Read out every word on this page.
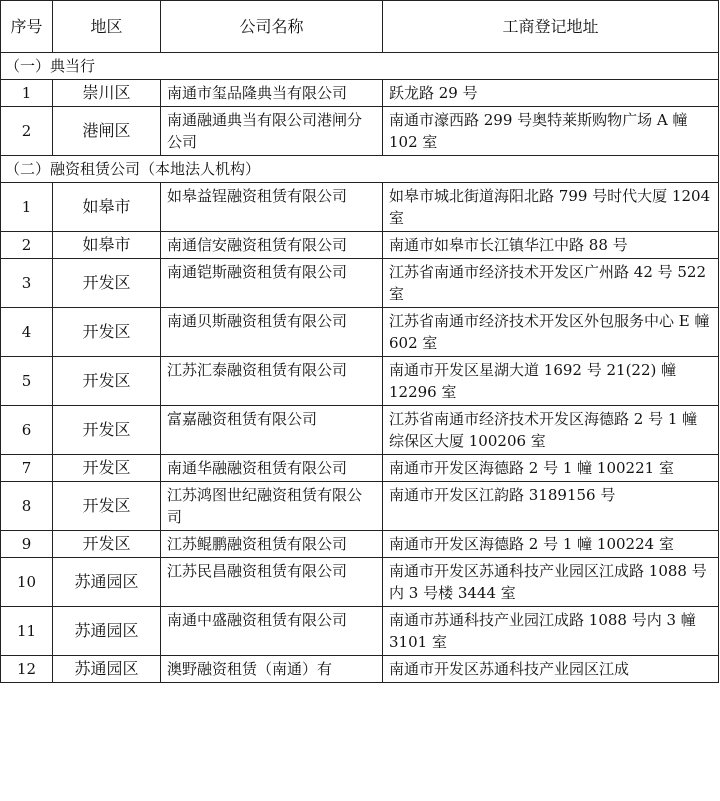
序号	地区	公司名称	工商登记地址
（一）典当行			
1	崇川区	南通市玺品隆典当有限公司	跃龙路 29 号
2	港闸区	南通融通典当有限公司港闸分公司	南通市濠西路 299 号奥特莱斯购物广场 A 幢 102 室
（二）融资租赁公司（本地法人机构）			
1	如皋市	如皋益锃融资租赁有限公司	如皋市城北街道海阳北路 799 号时代大厦 1204 室
2	如皋市	南通信安融资租赁有限公司	南通市如皋市长江镇华江中路 88 号
3	开发区	南通铠斯融资租赁有限公司	江苏省南通市经济技术开发区广州路 42 号 522 室
4	开发区	南通贝斯融资租赁有限公司	江苏省南通市经济技术开发区外包服务中心 E 幢 602 室
5	开发区	江苏汇泰融资租赁有限公司	南通市开发区星湖大道 1692 号 21(22) 幢 12296 室
6	开发区	富嘉融资租赁有限公司	江苏省南通市经济技术开发区海德路 2 号 1 幢综保区大厦 100206 室
7	开发区	南通华融融资租赁有限公司	南通市开发区海德路 2 号 1 幢 100221 室
8	开发区	江苏鸿图世纪融资租赁有限公司	南通市开发区江韵路 3189156 号
9	开发区	江苏鲲鹏融资租赁有限公司	南通市开发区海德路 2 号 1 幢 100224 室
10	苏通园区	江苏民昌融资租赁有限公司	南通市开发区苏通科技产业园区江成路 1088 号内 3 号楼 3444 室
11	苏通园区	南通中盛融资租赁有限公司	南通市苏通科技产业园江成路 1088 号内 3 幢 3101 室
12	苏通园区	澳野融资租赁（南通）有	南通市开发区苏通科技产业园区江成
